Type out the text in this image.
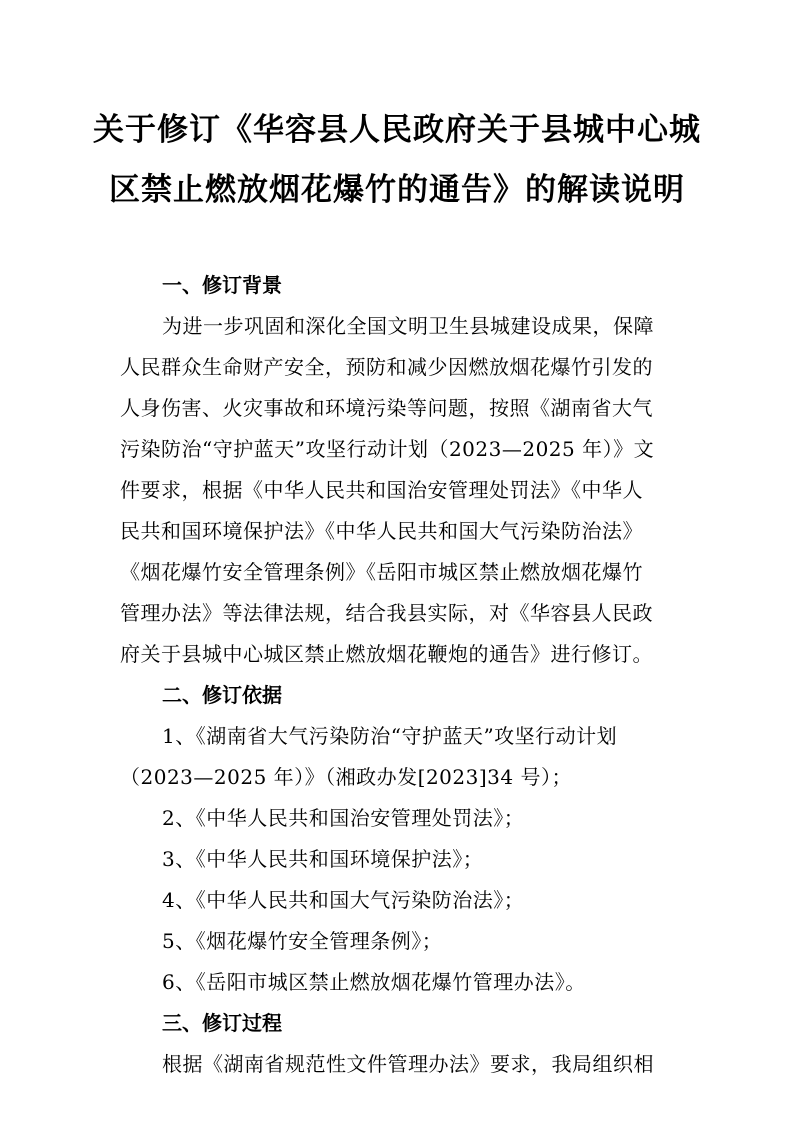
关于修订《华容县人民政府关于县城中心城
区禁止燃放烟花爆竹的通告》的解读说明

一、修订背景

为进一步巩固和深化全国文明卫生县城建设成果，保障

人民群众生命财产安全，预防和减少因燃放烟花爆竹引发的

人身伤害、火灾事故和环境污染等问题，按照《湖南省大气

污染防治“守护蓝天”攻坚行动计划（2023—2025 年）》文

件要求，根据《中华人民共和国治安管理处罚法》《中华人

民共和国环境保护法》《中华人民共和国大气污染防治法》

《烟花爆竹安全管理条例》《岳阳市城区禁止燃放烟花爆竹

管理办法》等法律法规，结合我县实际，对《华容县人民政

府关于县城中心城区禁止燃放烟花鞭炮的通告》进行修订。

二、修订依据

1、《湖南省大气污染防治“守护蓝天”攻坚行动计划

（2023—2025 年）》（湘政办发[2023]34 号）；

2、《中华人民共和国治安管理处罚法》；

3、《中华人民共和国环境保护法》；

4、《中华人民共和国大气污染防治法》；

5、《烟花爆竹安全管理条例》；

6、《岳阳市城区禁止燃放烟花爆竹管理办法》。

三、修订过程

根据《湖南省规范性文件管理办法》要求，我局组织相
